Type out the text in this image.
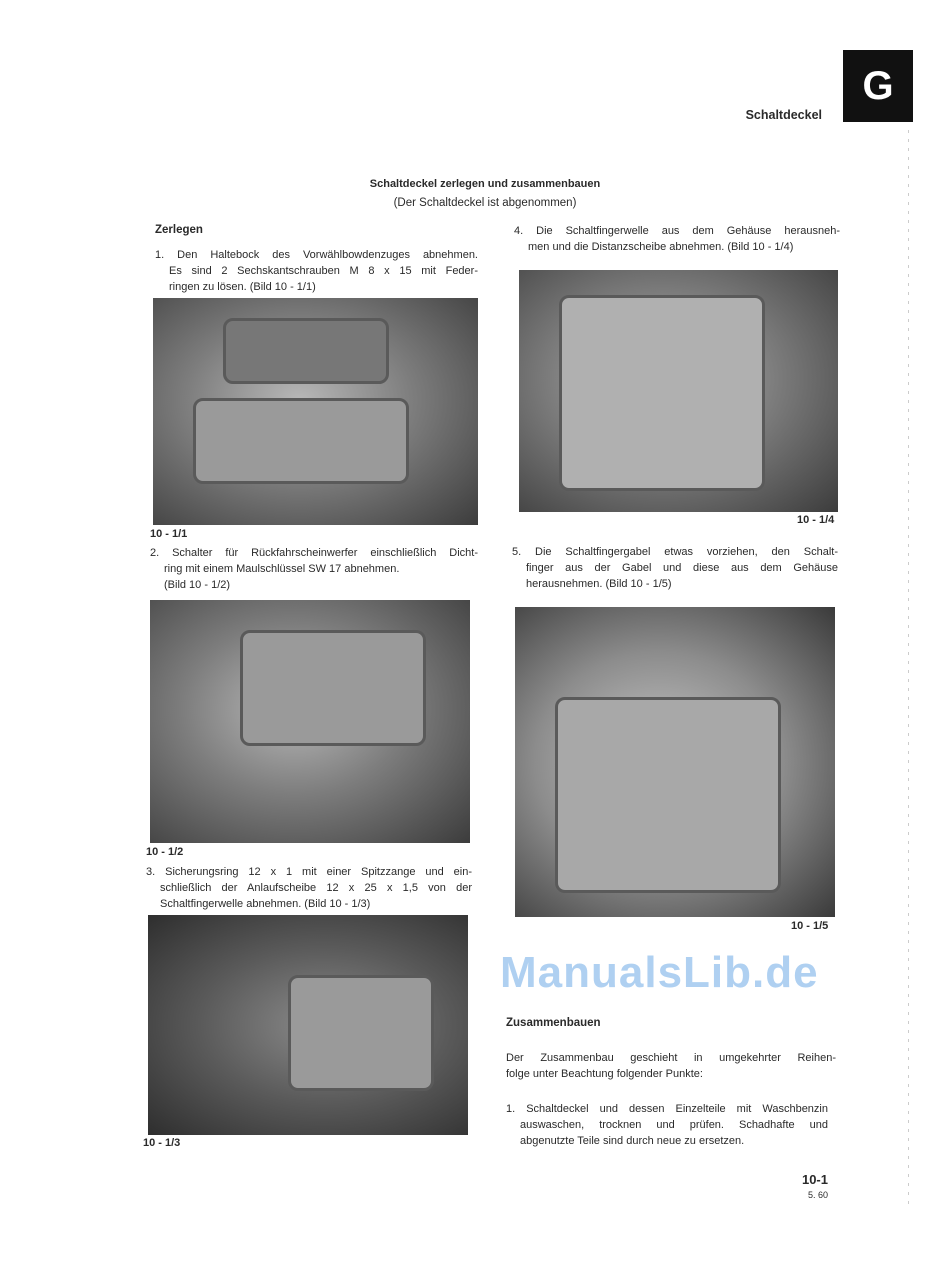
G
Schaltdeckel
Schaltdeckel zerlegen und zusammenbauen
(Der Schaltdeckel ist abgenommen)
Zerlegen
1. Den Haltebock des Vorwählbowdenzuges abnehmen.
Es sind 2 Sechskantschrauben M 8 x 15 mit Feder-
ringen zu lösen. (Bild 10 - 1/1)
10 - 1/1
2. Schalter für Rückfahrscheinwerfer einschließlich Dicht-
ring mit einem Maulschlüssel SW 17 abnehmen.
(Bild 10 - 1/2)
10 - 1/2
3. Sicherungsring 12 x 1 mit einer Spitzzange und ein-
schließlich der Anlaufscheibe 12 x 25 x 1,5 von der
Schaltfingerwelle abnehmen. (Bild 10 - 1/3)
10 - 1/3
4. Die Schaltfingerwelle aus dem Gehäuse herausneh-
men und die Distanzscheibe abnehmen. (Bild 10 - 1/4)
10 - 1/4
5. Die Schaltfingergabel etwas vorziehen, den Schalt-
finger aus der Gabel und diese aus dem Gehäuse
herausnehmen. (Bild 10 - 1/5)
10 - 1/5
ManualsLib.de
Zusammenbauen
Der Zusammenbau geschieht in umgekehrter Reihen-
folge unter Beachtung folgender Punkte:
1. Schaltdeckel und dessen Einzelteile mit Waschbenzin
auswaschen, trocknen und prüfen. Schadhafte und
abgenutzte Teile sind durch neue zu ersetzen.
10-1
5. 60
